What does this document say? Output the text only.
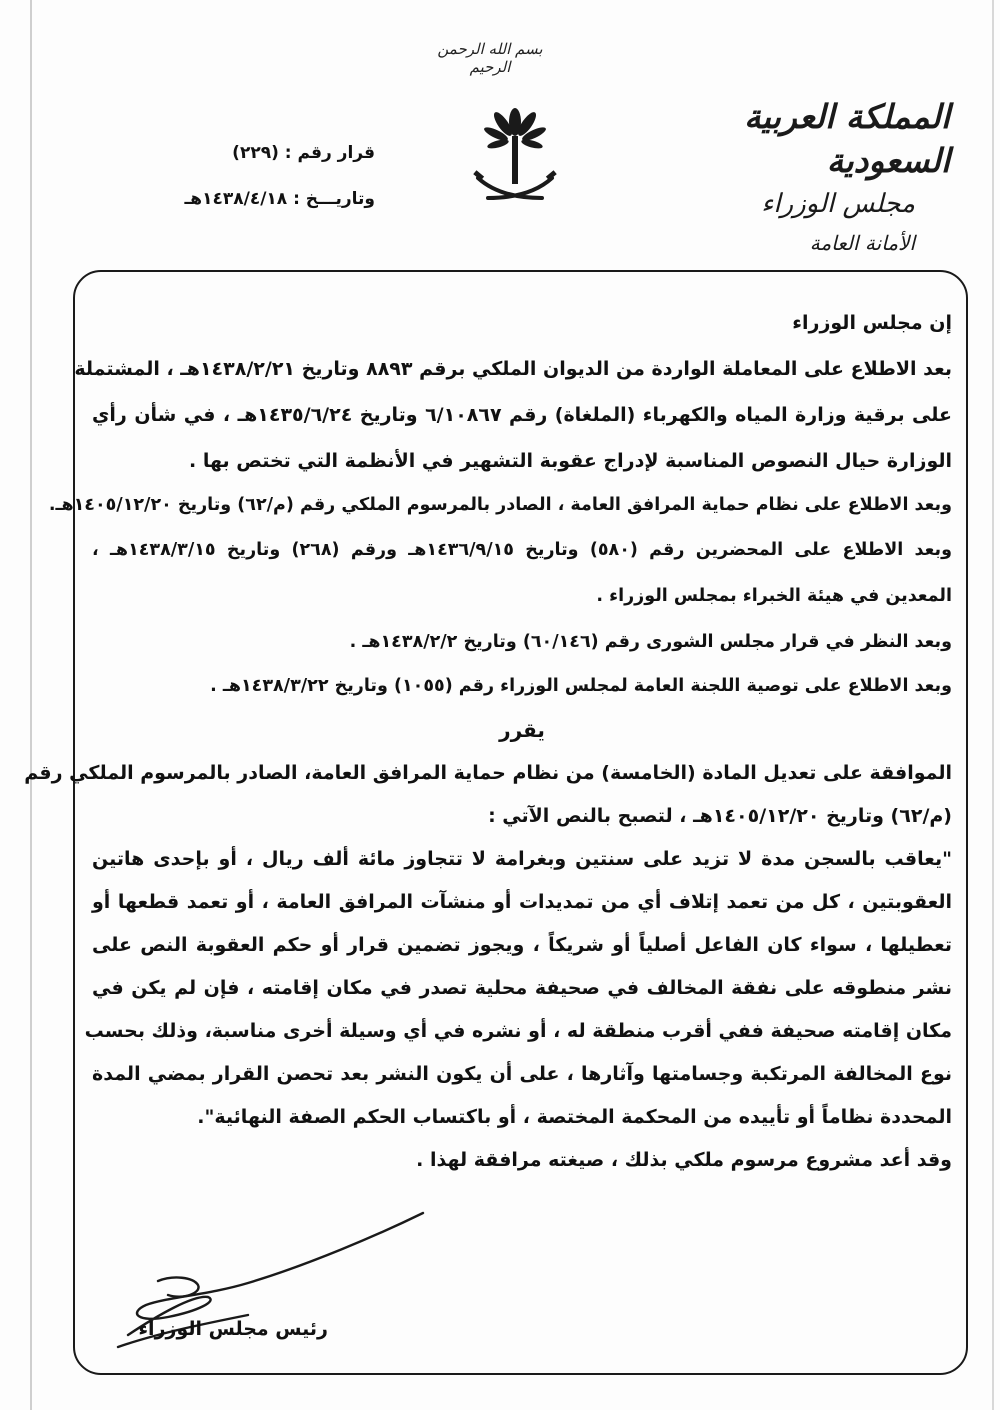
بسم الله الرحمن الرحيم
المملكة العربية السعودية
مجلس الوزراء
الأمانة العامة
قرار رقم : (٢٢٩)
وتاريـــخ : ١٤٣٨/٤/١٨هـ
إن مجلس الوزراء
بعد الاطلاع على المعاملة الواردة من الديوان الملكي برقم ٨٨٩٣ وتاريخ ١٤٣٨/٢/٢١هـ ، المشتملة
على برقية وزارة المياه والكهرباء (الملغاة) رقم ٦/١٠٨٦٧ وتاريخ ١٤٣٥/٦/٢٤هـ ، في شأن رأي
الوزارة حيال النصوص المناسبة لإدراج عقوبة التشهير في الأنظمة التي تختص بها .
وبعد الاطلاع على نظام حماية المرافق العامة ، الصادر بالمرسوم الملكي رقم (م/٦٢) وتاريخ ١٤٠٥/١٢/٢٠هـ.
وبعد الاطلاع على المحضرين رقم (٥٨٠) وتاريخ ١٤٣٦/٩/١٥هـ ورقم (٢٦٨) وتاريخ ١٤٣٨/٣/١٥هـ ،
المعدين في هيئة الخبراء بمجلس الوزراء .
وبعد النظر في قرار مجلس الشورى رقم (٦٠/١٤٦) وتاريخ ١٤٣٨/٢/٢هـ .
وبعد الاطلاع على توصية اللجنة العامة لمجلس الوزراء رقم (١٠٥٥) وتاريخ ١٤٣٨/٣/٢٢هـ .
يقرر
الموافقة على تعديل المادة (الخامسة) من نظام حماية المرافق العامة، الصادر بالمرسوم الملكي رقم
(م/٦٢) وتاريخ ١٤٠٥/١٢/٢٠هـ ، لتصبح بالنص الآتي :
"يعاقب بالسجن مدة لا تزيد على سنتين وبغرامة لا تتجاوز مائة ألف ريال ، أو بإحدى هاتين
العقوبتين ، كل من تعمد إتلاف أي من تمديدات أو منشآت المرافق العامة ، أو تعمد قطعها أو
تعطيلها ، سواء كان الفاعل أصلياً أو شريكاً ، ويجوز تضمين قرار أو حكم العقوبة النص على
نشر منطوقه على نفقة المخالف في صحيفة محلية تصدر في مكان إقامته ، فإن لم يكن في
مكان إقامته صحيفة ففي أقرب منطقة له ، أو نشره في أي وسيلة أخرى مناسبة، وذلك بحسب
نوع المخالفة المرتكبة وجسامتها وآثارها ، على أن يكون النشر بعد تحصن القرار بمضي المدة
المحددة نظاماً أو تأييده من المحكمة المختصة ، أو باكتساب الحكم الصفة النهائية".
وقد أعد مشروع مرسوم ملكي بذلك ، صيغته مرافقة لهذا .
رئيس مجلس الوزراء
